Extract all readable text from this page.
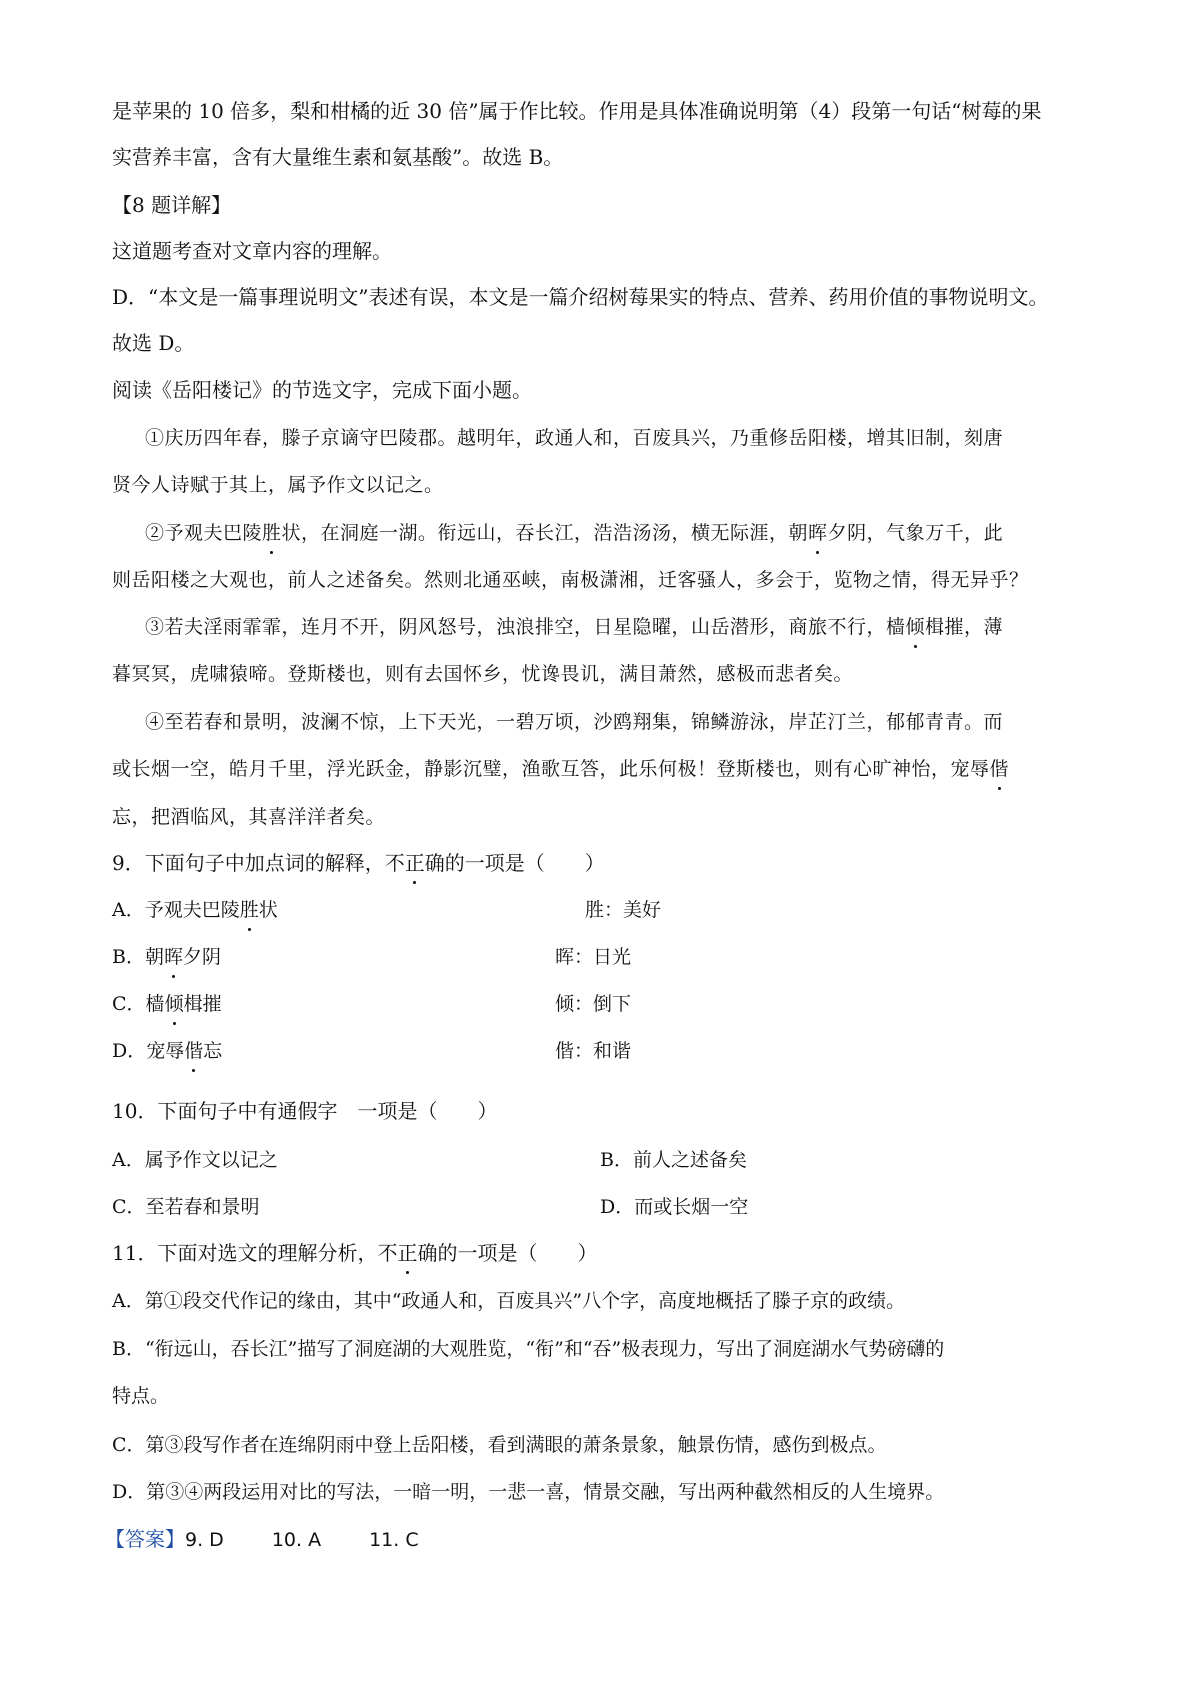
是苹果的 10 倍多，梨和柑橘的近 30 倍”属于作比较。作用是具体准确说明第（4）段第一句话“树莓的果
实营养丰富，含有大量维生素和氨基酸”。故选 B。
【8 题详解】
这道题考查对文章内容的理解。
D．“本文是一篇事理说明文”表述有误，本文是一篇介绍树莓果实的特点、营养、药用价值的事物说明文。
故选 D。
阅读《岳阳楼记》的节选文字，完成下面小题。
①庆历四年春，滕子京谪守巴陵郡。越明年，政通人和，百废具兴，乃重修岳阳楼，增其旧制，刻唐
贤今人诗赋于其上，属予作文以记之。
②予观夫巴陵胜状，在洞庭一湖。衔远山，吞长江，浩浩汤汤，横无际涯，朝晖夕阴，气象万千，此
则岳阳楼之大观也，前人之述备矣。然则北通巫峡，南极潇湘，迁客骚人，多会于，览物之情，得无异乎？
③若夫淫雨霏霏，连月不开，阴风怒号，浊浪排空，日星隐曜，山岳潜形，商旅不行，樯倾楫摧，薄
暮冥冥，虎啸猿啼。登斯楼也，则有去国怀乡，忧谗畏讥，满目萧然，感极而悲者矣。
④至若春和景明，波澜不惊，上下天光，一碧万顷，沙鸥翔集，锦鳞游泳，岸芷汀兰，郁郁青青。而
或长烟一空，皓月千里，浮光跃金，静影沉璧，渔歌互答，此乐何极！登斯楼也，则有心旷神怡，宠辱偕
忘，把酒临风，其喜洋洋者矣。
9．下面句子中加点词的解释，不正确的一项是（　　）
A．予观夫巴陵胜状	胜：美好
B．朝晖夕阴	晖：日光
C．樯倾楫摧	倾：倒下
D．宠辱偕忘	偕：和谐
10．下面句子中有通假字　一项是（　　）
A．属予作文以记之	B．前人之述备矣
C．至若春和景明	D．而或长烟一空
11．下面对选文的理解分析，不正确的一项是（　　）
A．第①段交代作记的缘由，其中“政通人和，百废具兴”八个字，高度地概括了滕子京的政绩。
B．“衔远山，吞长江”描写了洞庭湖的大观胜览，“衔”和“吞”极表现力，写出了洞庭湖水气势磅礴的
特点。
C．第③段写作者在连绵阴雨中登上岳阳楼，看到满眼的萧条景象，触景伤情，感伤到极点。
D．第③④两段运用对比的写法，一暗一明，一悲一喜，情景交融，写出两种截然相反的人生境界。
【答案】9. D	10. A	11. C
